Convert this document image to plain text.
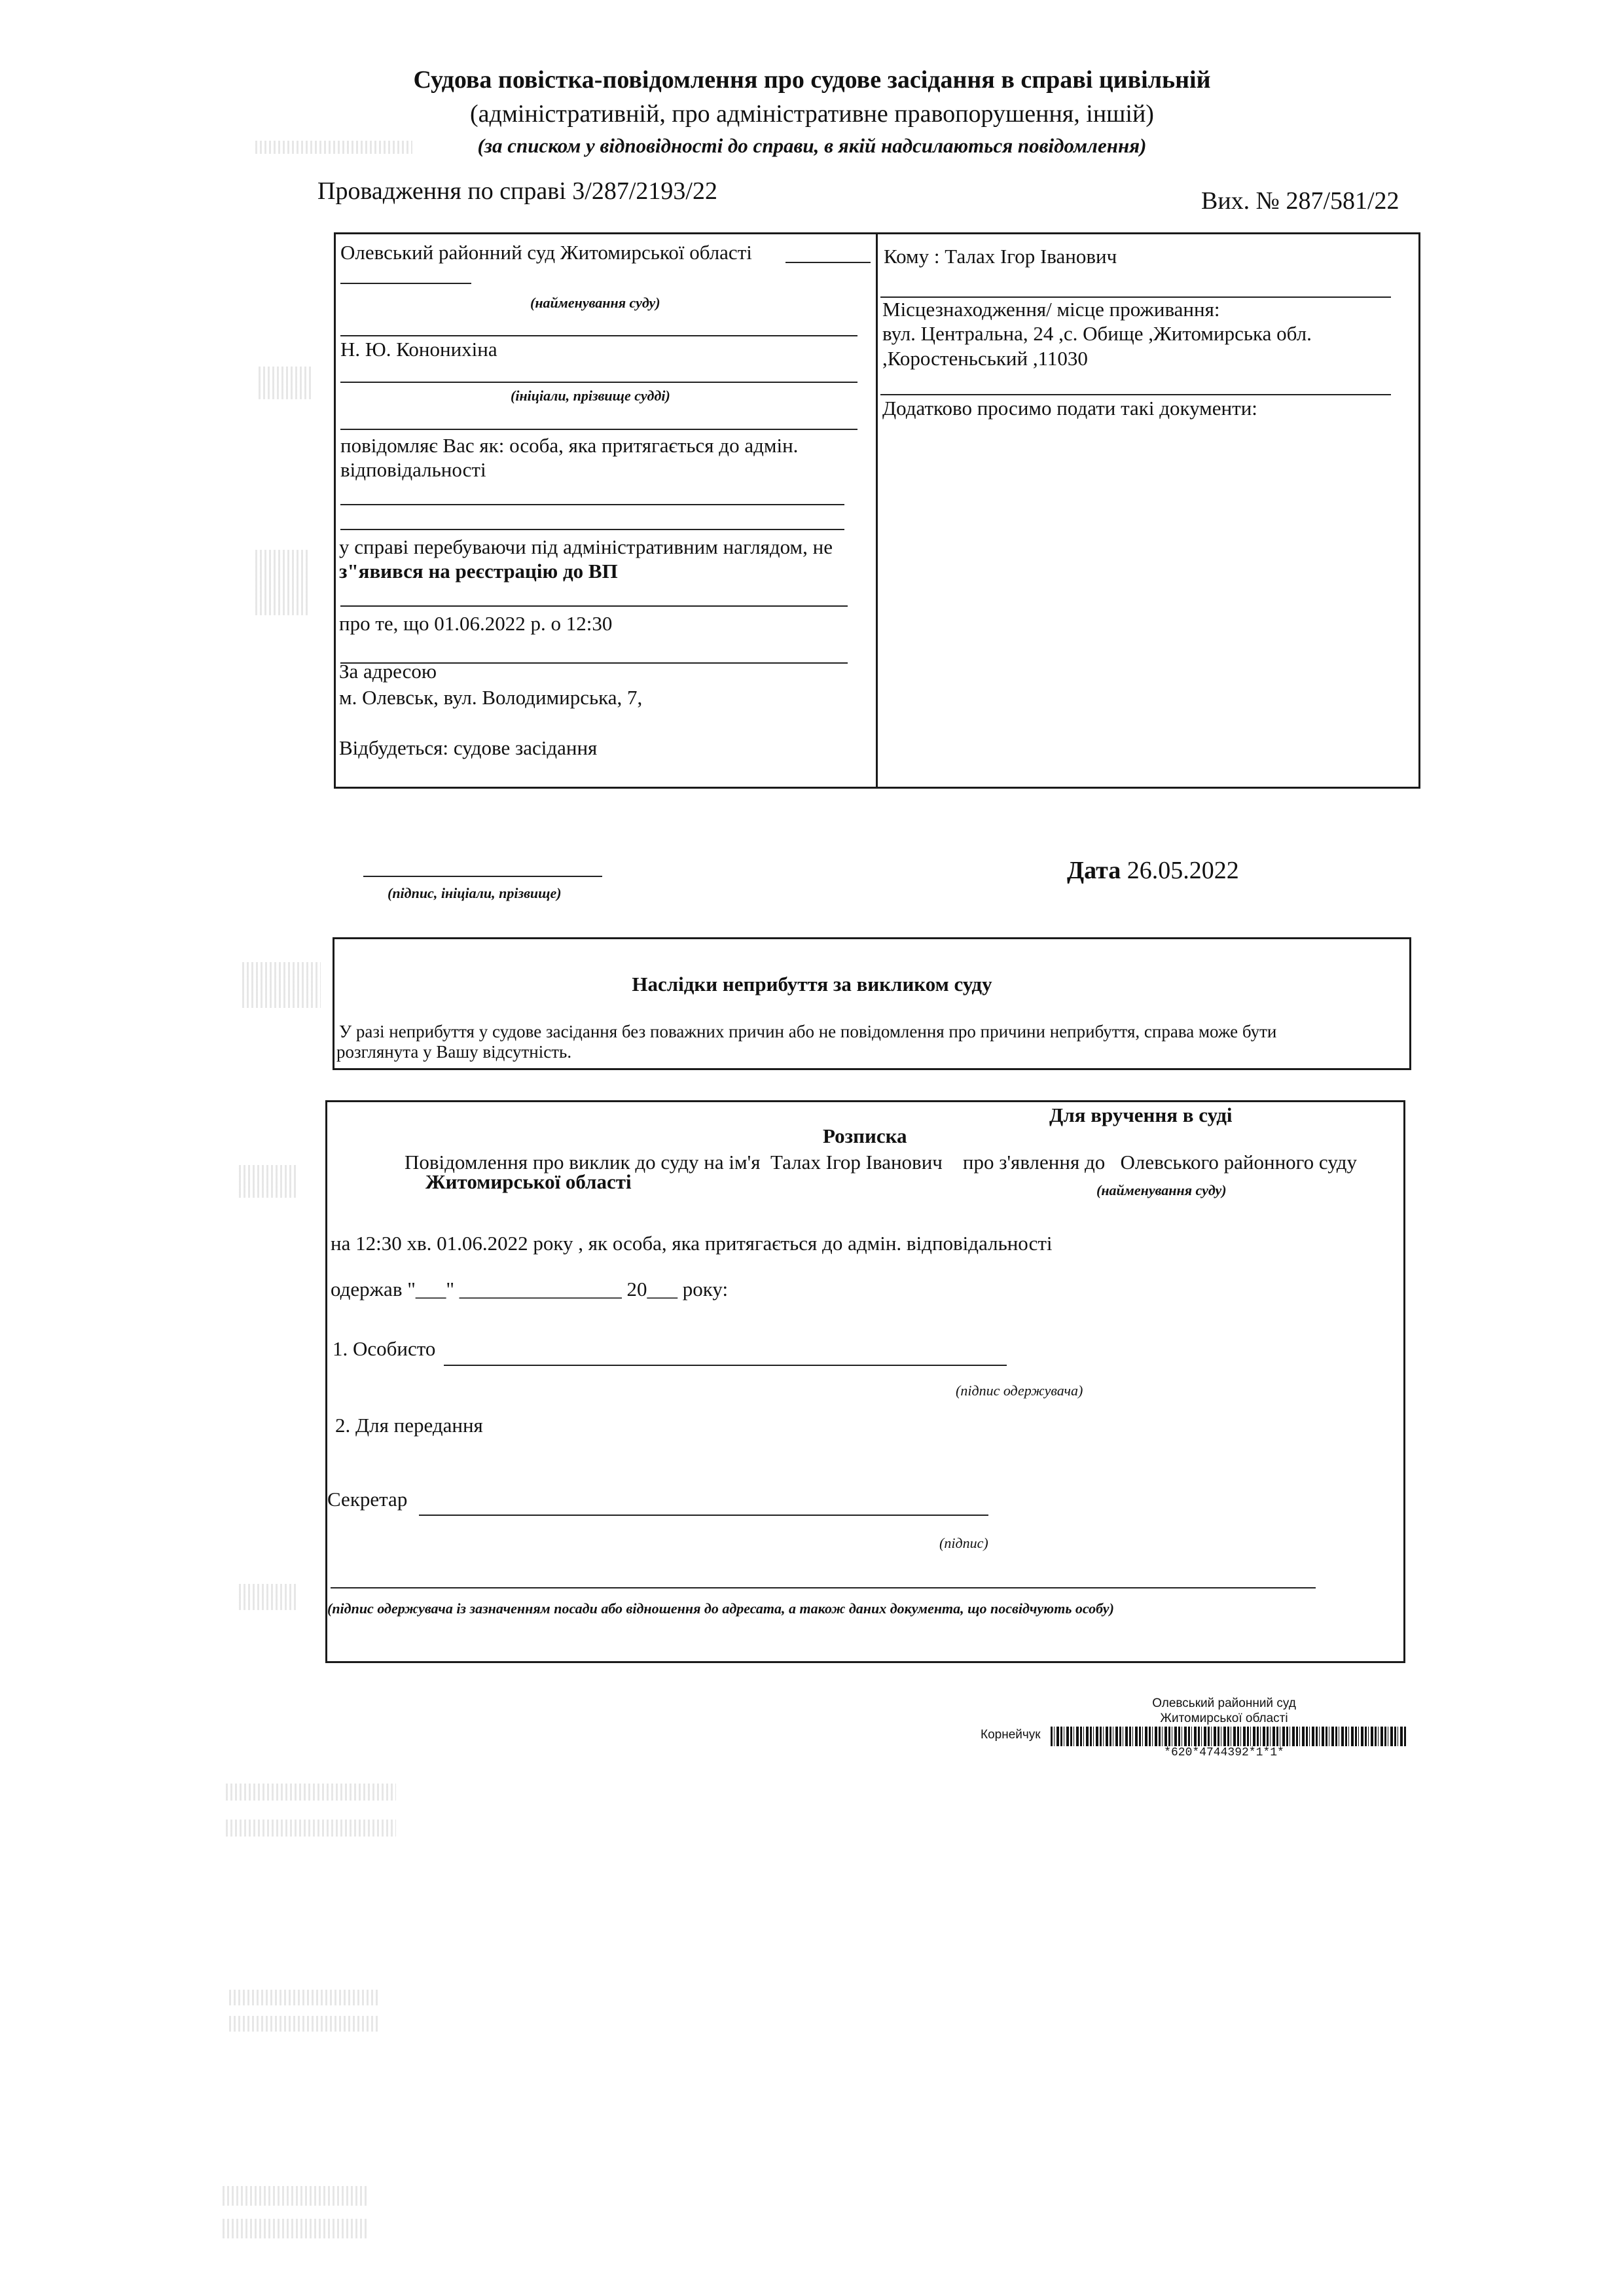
Судова повістка-повідомлення про судове засідання в справі цивільній
(адміністративній, про адміністративне правопорушення, іншій)
(за списком у відповідності до справи, в якій надсилаються повідомлення)
Провадження по справі 3/287/2193/22	Вих. № 287/581/22
Олевський районний суд Житомирської області
(найменування суду)
Н. Ю. Кононихіна
(ініціали, прізвище судді)
повідомляє Вас як: особа, яка притягається до адмін.
відповідальності
у справі перебуваючи під адміністративним наглядом, не
з"явився на реєстрацію до ВП
про те, що 01.06.2022 р. о 12:30
За адресою
м. Олевськ, вул. Володимирська, 7,
Відбудеться: судове засідання
Кому : Талах Ігор Іванович
Місцезнаходження/ місце проживання:
вул. Центральна, 24 ,с. Обище ,Житомирська обл.
,Коростеньський ,11030
Додатково просимо подати такі документи:
(підпис, ініціали, прізвище)
Дата 26.05.2022
Наслідки неприбуття за викликом суду
У разі неприбуття у судове засідання без поважних причин або не повідомлення про причини неприбуття, справа може бути
розглянута у Вашу відсутність.
Для вручення в суді
Розписка
Повідомлення про виклик до суду на ім'я Талах Ігор Іванович про з'явлення до Олевського районного суду
Житомирської області	(найменування суду)
на 12:30 хв. 01.06.2022 року , як особа, яка притягається до адмін. відповідальності
одержав "___" ________________ 20___ року:
1. Особисто
(підпис одержувача)
2. Для передання
Секретар
(підпис)
(підпис одержувача із зазначенням посади або відношення до адресата, а також даних документа, що посвідчують особу)
Олевський районний суд
Житомирської області
Корнейчук
*620*4744392*1*1*
